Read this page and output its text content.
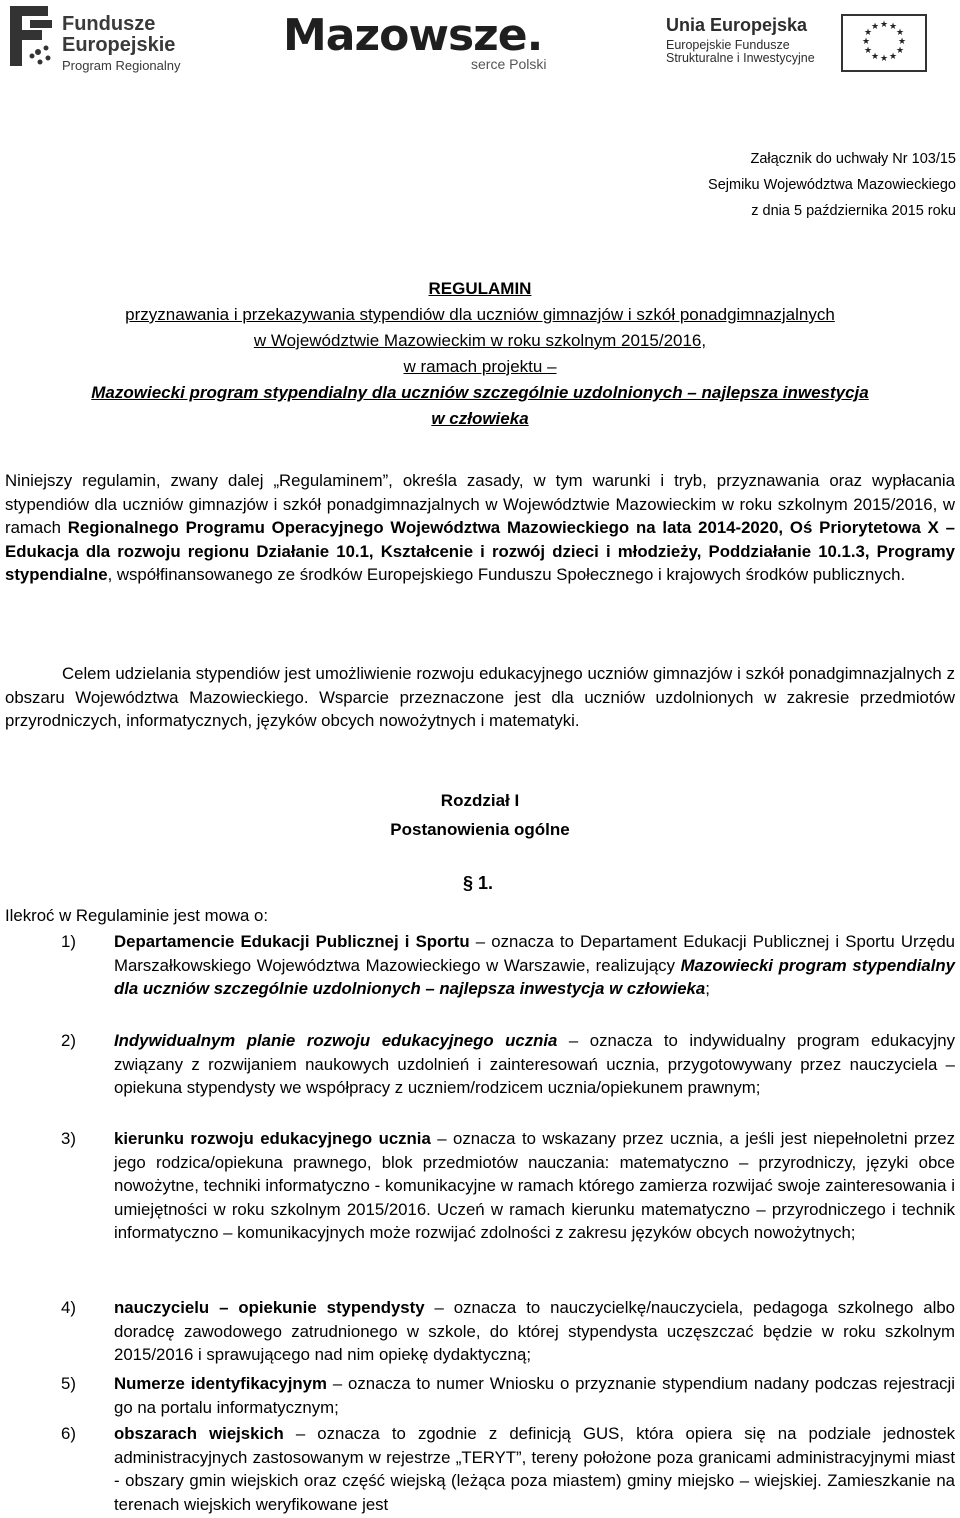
Fundusze
Europejskie
Program Regionalny
Mazowsze.
serce Polski
Unia Europejska
Europejskie Fundusze
Strukturalne i Inwestycyjne
★ ★
★
★
★
★
★
★
★
★
★
★
Załącznik do uchwały Nr 103/15
Sejmiku Województwa Mazowieckiego
z dnia 5 października 2015 roku
REGULAMIN
przyznawania i przekazywania stypendiów dla uczniów gimnazjów i szkół ponadgimnazjalnych
w Województwie Mazowieckim w roku szkolnym 2015/2016,
w ramach projektu –
Mazowiecki program stypendialny dla uczniów szczególnie uzdolnionych – najlepsza inwestycja
w człowieka
Niniejszy regulamin, zwany dalej „Regulaminem”, określa zasady, w tym warunki i tryb, przyznawania oraz wypłacania stypendiów dla uczniów gimnazjów i szkół ponadgimnazjalnych w Województwie Mazowieckim w roku szkolnym 2015/2016, w ramach Regionalnego Programu Operacyjnego Województwa Mazowieckiego na lata 2014-2020, Oś Priorytetowa X – Edukacja dla rozwoju regionu Działanie 10.1, Kształcenie i rozwój dzieci i młodzieży, Poddziałanie 10.1.3, Programy stypendialne, współfinansowanego ze środków Europejskiego Funduszu Społecznego i krajowych środków publicznych.
Celem udzielania stypendiów jest umożliwienie rozwoju edukacyjnego uczniów gimnazjów i szkół ponadgimnazjalnych z obszaru Województwa Mazowieckiego. Wsparcie przeznaczone jest dla uczniów uzdolnionych w zakresie przedmiotów przyrodniczych, informatycznych, języków obcych nowożytnych i matematyki.
Rozdział I
Postanowienia ogólne
§ 1.
Ilekroć w Regulaminie jest mowa o:
1) Departamencie Edukacji Publicznej i Sportu – oznacza to Departament Edukacji Publicznej i Sportu Urzędu Marszałkowskiego Województwa Mazowieckiego w Warszawie, realizujący Mazowiecki program stypendialny dla uczniów szczególnie uzdolnionych – najlepsza inwestycja w człowieka;
2) Indywidualnym planie rozwoju edukacyjnego ucznia – oznacza to indywidualny program edukacyjny związany z rozwijaniem naukowych uzdolnień i zainteresowań ucznia, przygotowywany przez nauczyciela – opiekuna stypendysty we współpracy z uczniem/rodzicem ucznia/opiekunem prawnym;
3) kierunku rozwoju edukacyjnego ucznia – oznacza to wskazany przez ucznia, a jeśli jest niepełnoletni przez jego rodzica/opiekuna prawnego, blok przedmiotów nauczania: matematyczno – przyrodniczy, języki obce nowożytne, techniki informatyczno - komunikacyjne w ramach którego zamierza rozwijać swoje zainteresowania i umiejętności w roku szkolnym 2015/2016. Uczeń w ramach kierunku matematyczno – przyrodniczego i technik informatyczno – komunikacyjnych może rozwijać zdolności z zakresu języków obcych nowożytnych;
4) nauczycielu – opiekunie stypendysty – oznacza to nauczycielkę/nauczyciela, pedagoga szkolnego albo doradcę zawodowego zatrudnionego w szkole, do której stypendysta uczęszczać będzie w roku szkolnym 2015/2016 i sprawującego nad nim opiekę dydaktyczną;
5) Numerze identyfikacyjnym – oznacza to numer Wniosku o przyznanie stypendium nadany podczas rejestracji go na portalu informatycznym;
6) obszarach wiejskich – oznacza to zgodnie z definicją GUS, która opiera się na podziale jednostek administracyjnych zastosowanym w rejestrze „TERYT”, tereny położone poza granicami administracyjnymi miast - obszary gmin wiejskich oraz część wiejską (leżąca poza miastem) gminy miejsko – wiejskiej. Zamieszkanie na terenach wiejskich weryfikowane jest
